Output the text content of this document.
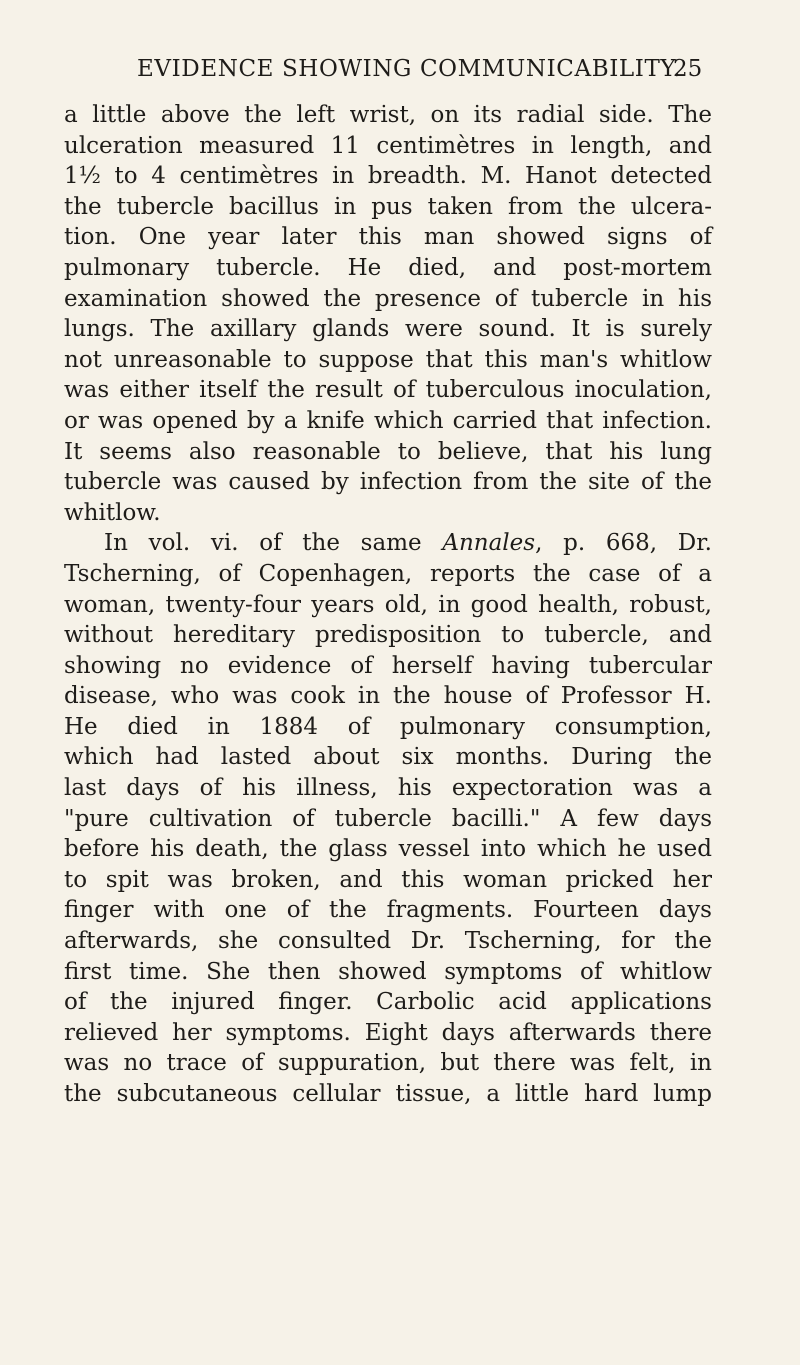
EVIDENCE SHOWING COMMUNICABILITY.
25
a little above the left wrist, on its radial side. The
ulceration measured 11 centimètres in length, and
1½ to 4 centimètres in breadth. M. Hanot detected
the tubercle bacillus in pus taken from the ulcera-
tion. One year later this man showed signs of
pulmonary tubercle. He died, and post-mortem
examination showed the presence of tubercle in his
lungs. The axillary glands were sound. It is surely
not unreasonable to suppose that this man's whitlow
was either itself the result of tuberculous inoculation,
or was opened by a knife which carried that infection.
It seems also reasonable to believe, that his lung
tubercle was caused by infection from the site of the
whitlow.
In vol. vi. of the same Annales, p. 668, Dr.
Tscherning, of Copenhagen, reports the case of a
woman, twenty-four years old, in good health, robust,
without hereditary predisposition to tubercle, and
showing no evidence of herself having tubercular
disease, who was cook in the house of Professor H.
He died in 1884 of pulmonary consumption,
which had lasted about six months. During the
last days of his illness, his expectoration was a
"pure cultivation of tubercle bacilli." A few days
before his death, the glass vessel into which he used
to spit was broken, and this woman pricked her
finger with one of the fragments. Fourteen days
afterwards, she consulted Dr. Tscherning, for the
first time. She then showed symptoms of whitlow
of the injured finger. Carbolic acid applications
relieved her symptoms. Eight days afterwards there
was no trace of suppuration, but there was felt, in
the subcutaneous cellular tissue, a little hard lump
